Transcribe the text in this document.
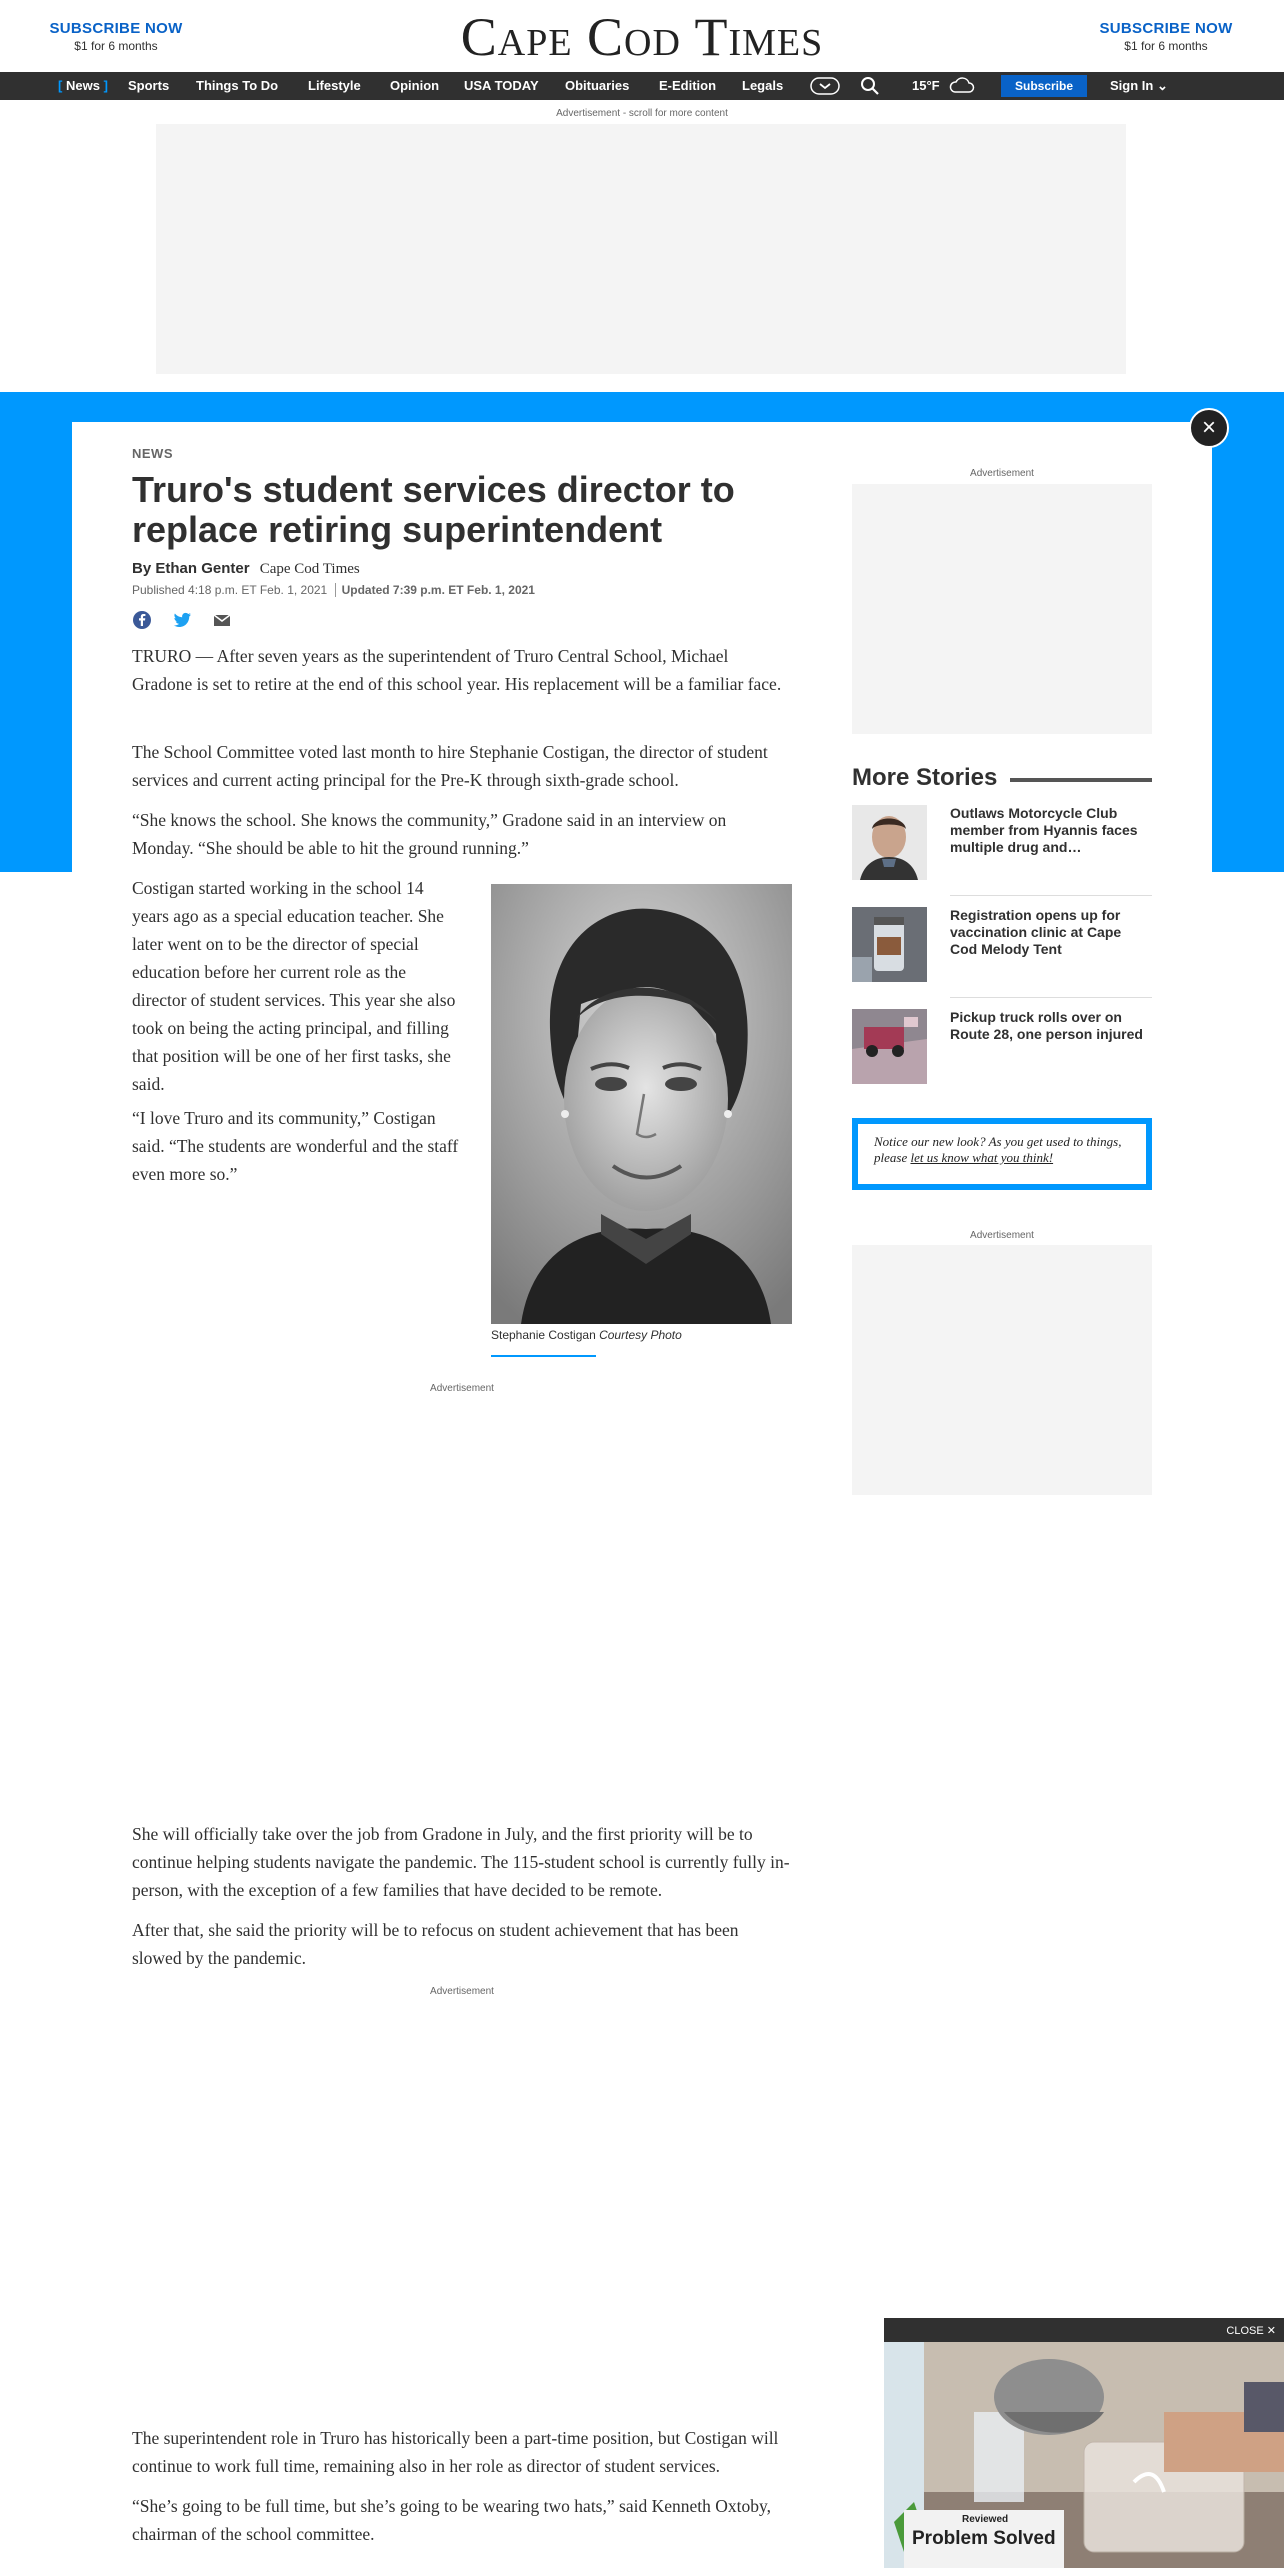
SUBSCRIBE NOW
$1 for 6 months	Cape Cod Times	SUBSCRIBE NOW
$1 for 6 months
[ News ] Sports Things To Do Lifestyle Opinion USA TODAY Obituaries E-Edition Legals	15°F	Subscribe	Sign In ⌄
Advertisement - scroll for more content
×
NEWS
Truro's student services director to replace retiring superintendent
By Ethan Genter Cape Cod Times
Published 4:18 p.m. ET Feb. 1, 2021 Updated 7:39 p.m. ET Feb. 1, 2021

TRURO — After seven years as the superintendent of Truro Central School, Michael Gradone is set to retire at the end of this school year. His replacement will be a familiar face.

The School Committee voted last month to hire Stephanie Costigan, the director of student services and current acting principal for the Pre-K through sixth-grade school.

“She knows the school. She knows the community,” Gradone said in an interview on Monday. “She should be able to hit the ground running.”

Costigan started working in the school 14 years ago as a special education teacher. She later went on to be the director of special education before her current role as the director of student services. This year she also took on being the acting principal, and filling that position will be one of her first tasks, she said.

“I love Truro and its community,” Costigan said. “The students are wonderful and the staff even more so.”

Stephanie Costigan Courtesy Photo
Advertisement

She will officially take over the job from Gradone in July, and the first priority will be to continue helping students navigate the pandemic. The 115-student school is currently fully in-person, with the exception of a few families that have decided to be remote.

After that, she said the priority will be to refocus on student achievement that has been slowed by the pandemic.

Advertisement

The superintendent role in Truro has historically been a part-time position, but Costigan will continue to work full time, remaining also in her role as director of student services.

“She’s going to be full time, but she’s going to be wearing two hats,” said Kenneth Oxtoby, chairman of the school committee.

Advertisement
More Stories
Outlaws Motorcycle Club member from Hyannis faces multiple drug and…
Registration opens up for vaccination clinic at Cape Cod Melody Tent
Pickup truck rolls over on Route 28, one person injured
Notice our new look? As you get used to things, please let us know what you think!
Advertisement
CLOSE ✕
Reviewed
Problem Solved
